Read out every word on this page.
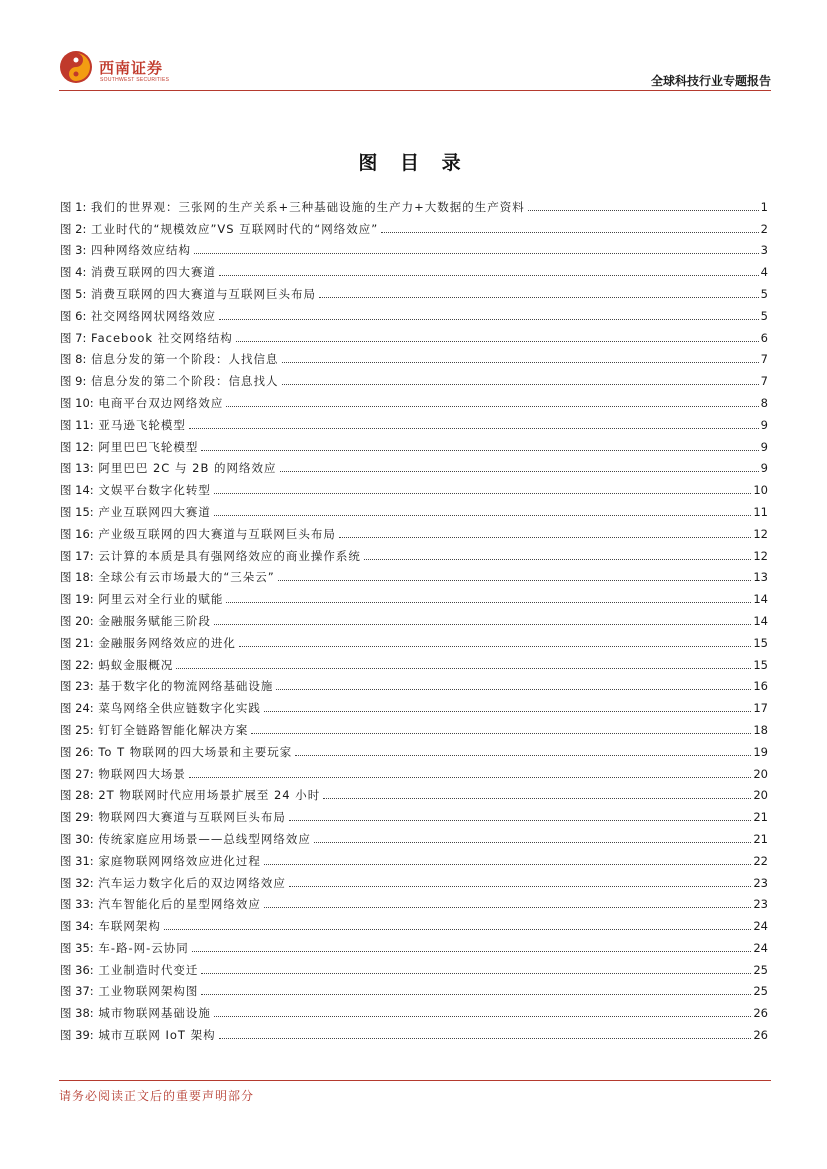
西南证券
SOUTHWEST SECURITIES	全球科技行业专题报告
图 目 录
图 1: 我们的世界观：三张网的生产关系+三种基础设施的生产力+大数据的生产资料	1
图 2: 工业时代的“规模效应”VS 互联网时代的“网络效应”	2
图 3: 四种网络效应结构	3
图 4: 消费互联网的四大赛道	4
图 5: 消费互联网的四大赛道与互联网巨头布局	5
图 6: 社交网络网状网络效应	5
图 7: Facebook 社交网络结构	6
图 8: 信息分发的第一个阶段：人找信息	7
图 9: 信息分发的第二个阶段：信息找人	7
图 10: 电商平台双边网络效应	8
图 11: 亚马逊飞轮模型	9
图 12: 阿里巴巴飞轮模型	9
图 13: 阿里巴巴 2C 与 2B 的网络效应	9
图 14: 文娱平台数字化转型	10
图 15: 产业互联网四大赛道	11
图 16: 产业级互联网的四大赛道与互联网巨头布局	12
图 17: 云计算的本质是具有强网络效应的商业操作系统	12
图 18: 全球公有云市场最大的“三朵云”	13
图 19: 阿里云对全行业的赋能	14
图 20: 金融服务赋能三阶段	14
图 21: 金融服务网络效应的进化	15
图 22: 蚂蚁金服概况	15
图 23: 基于数字化的物流网络基础设施	16
图 24: 菜鸟网络全供应链数字化实践	17
图 25: 钉钉全链路智能化解决方案	18
图 26: To T 物联网的四大场景和主要玩家	19
图 27: 物联网四大场景	20
图 28: 2T 物联网时代应用场景扩展至 24 小时	20
图 29: 物联网四大赛道与互联网巨头布局	21
图 30: 传统家庭应用场景——总线型网络效应	21
图 31: 家庭物联网网络效应进化过程	22
图 32: 汽车运力数字化后的双边网络效应	23
图 33: 汽车智能化后的星型网络效应	23
图 34: 车联网架构	24
图 35: 车-路-网-云协同	24
图 36: 工业制造时代变迁	25
图 37: 工业物联网架构图	25
图 38: 城市物联网基础设施	26
图 39: 城市互联网 IoT 架构	26
请务必阅读正文后的重要声明部分
